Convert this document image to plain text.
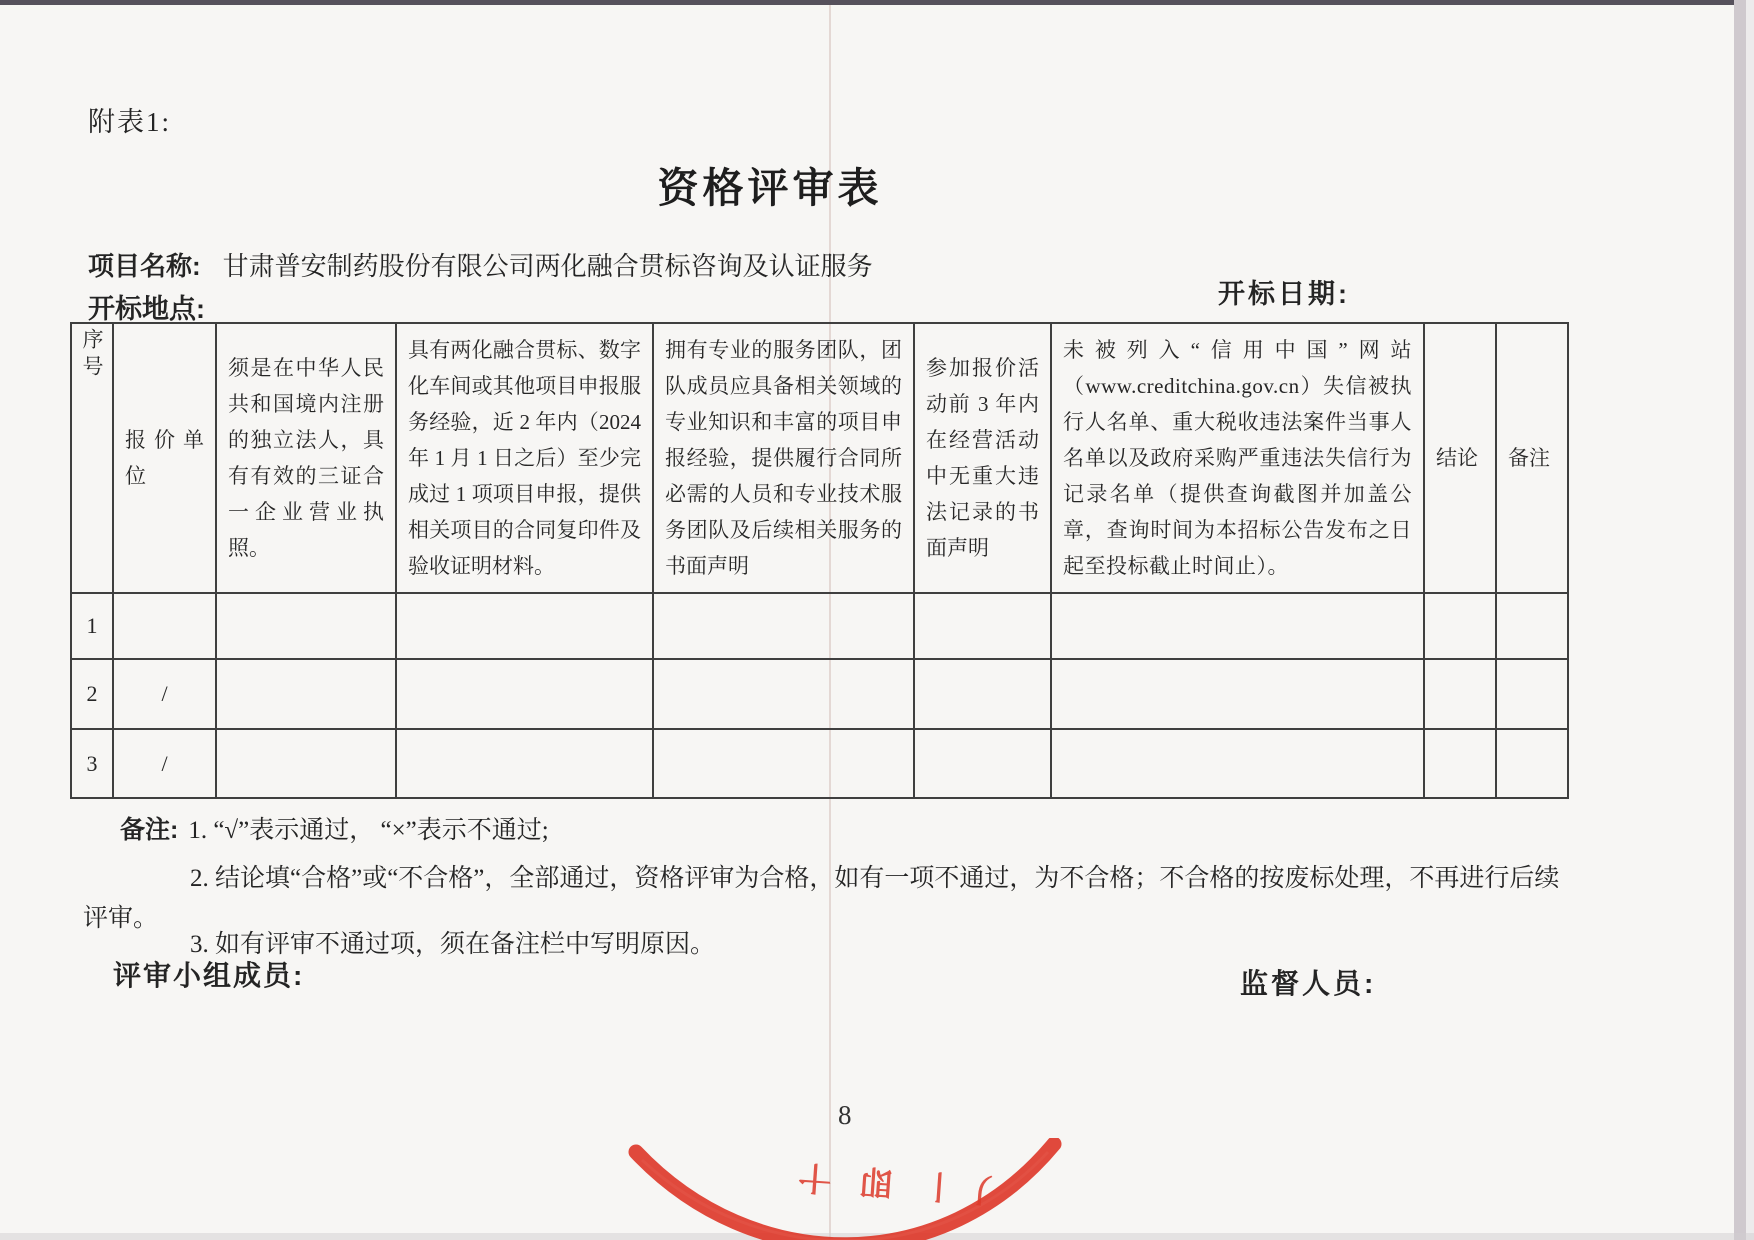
附表1:
资格评审表
项目名称: 甘肃普安制药股份有限公司两化融合贯标咨询及认证服务
开标地点:	开标日期:
序号	报价单位	须是在中华人民共和国境内注册的独立法人，具有有效的三证合一企业营业执照。	具有两化融合贯标、数字化车间或其他项目申报服务经验，近 2 年内（2024 年 1 月 1 日之后）至少完成过 1 项项目申报，提供相关项目的合同复印件及验收证明材料。	拥有专业的服务团队，团队成员应具备相关领域的专业知识和丰富的项目申报经验，提供履行合同所必需的人员和专业技术服务团队及后续相关服务的书面声明	参加报价活动前 3 年内在经营活动中无重大违法记录的书面声明	未被列入“信用中国”网站（www.creditchina.gov.cn）失信被执行人名单、重大税收违法案件当事人名单以及政府采购严重违法失信行为记录名单（提供查询截图并加盖公章，查询时间为本招标公告发布之日起至投标截止时间止）。	结论	备注
1								
2	/							
3	/							
备注: 1. “√”表示通过， “×”表示不通过;
2. 结论填“合格”或“不合格”，全部通过，资格评审为合格，如有一项不通过，为不合格；不合格的按废标处理，不再进行后续
评审。
3. 如有评审不通过项，须在备注栏中写明原因。
评审小组成员:	监督人员:
8
丿丨 即 十
